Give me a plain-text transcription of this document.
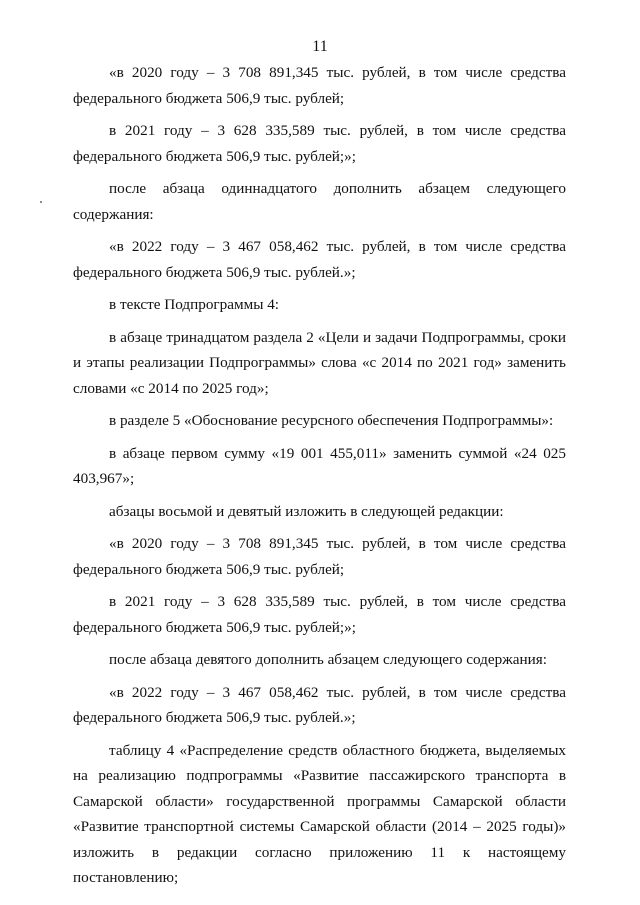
11

«в 2020 году – 3 708 891,345 тыс. рублей, в том числе средства федерального бюджета 506,9 тыс. рублей;

в 2021 году – 3 628 335,589 тыс. рублей, в том числе средства федерального бюджета 506,9 тыс. рублей;»;

после абзаца одиннадцатого дополнить абзацем следующего содержания:

«в 2022 году – 3 467 058,462 тыс. рублей, в том числе средства федерального бюджета 506,9 тыс. рублей.»;

в тексте Подпрограммы 4:

в абзаце тринадцатом раздела 2 «Цели и задачи Подпрограммы, сроки и этапы реализации Подпрограммы» слова «с 2014 по 2021 год» заменить словами «с 2014 по 2025 год»;

в разделе 5 «Обоснование ресурсного обеспечения Подпрограммы»:

в абзаце первом сумму «19 001 455,011» заменить суммой «24 025 403,967»;

абзацы восьмой и девятый изложить в следующей редакции:

«в 2020 году – 3 708 891,345 тыс. рублей, в том числе средства федерального бюджета 506,9 тыс. рублей;

в 2021 году – 3 628 335,589 тыс. рублей, в том числе средства федерального бюджета 506,9 тыс. рублей;»;

после абзаца девятого дополнить абзацем следующего содержания:

«в 2022 году – 3 467 058,462 тыс. рублей, в том числе средства федерального бюджета 506,9 тыс. рублей.»;

таблицу 4 «Распределение средств областного бюджета, выделяемых на реализацию подпрограммы «Развитие пассажирского транспорта в Самарской области» государственной программы Самарской области «Развитие транспортной системы Самарской области (2014 – 2025 годы)» изложить в редакции согласно приложению 11 к настоящему постановлению;
